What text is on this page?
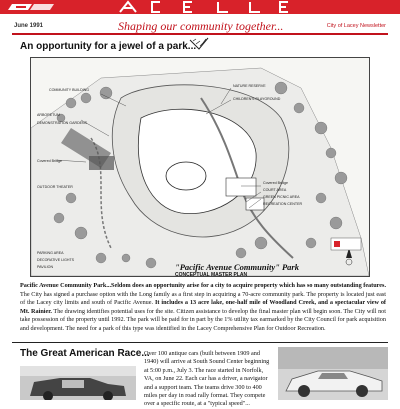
June 1991	Shaping our community together...	City of Lacey Newsletter
An opportunity for a jewel of a park...
NATURE RESERVE
CHILDREN'S PLAYGROUND
COMMUNITY BUILDING
ARBORETUM
DEMONSTRATION GARDENS
Covered Bridge
OUTDOOR THEATER
Covered Bridge
COURT AREA
GREEN PICNIC AREA
RECREATION CENTER
PARKING AREA
DECORATIVE LIGHTS
PAVILION	"Pacific Avenue Community" Park
CONCEPTUAL MASTER PLAN
Pacific Avenue Community Park...Seldom does an opportunity arise for a city to acquire property which has so many outstanding features. The City has signed a purchase option with the Long family as a first step in acquiring a 70-acre community park. The property is located just east of the Lacey city limits and south of Pacific Avenue. It includes a 13 acre lake, one-half mile of Woodland Creek, and a spectacular view of Mt. Rainier. The drawing identifies potential uses for the site. Citizen assistance to develop the final master plan will begin soon. The City will not take possession of the property until 1992. The park will be paid for in part by the 1% utility tax earmarked by the City Council for park acquisition and development. The need for a park of this type was identified in the Lacey Comprehensive Plan for Outdoor Recreation.
The Great American Race...
Over 100 antique cars (built between 1909 and 1940) will arrive at South Sound Center beginning at 5:00 p.m., July 3. The race started in Norfolk, VA, on June 22. Each car has a driver, a navigator and a support team. The teams drive 300 to 400 miles per day in road rally format. They compete over a specific route, at a "typical speed"...
